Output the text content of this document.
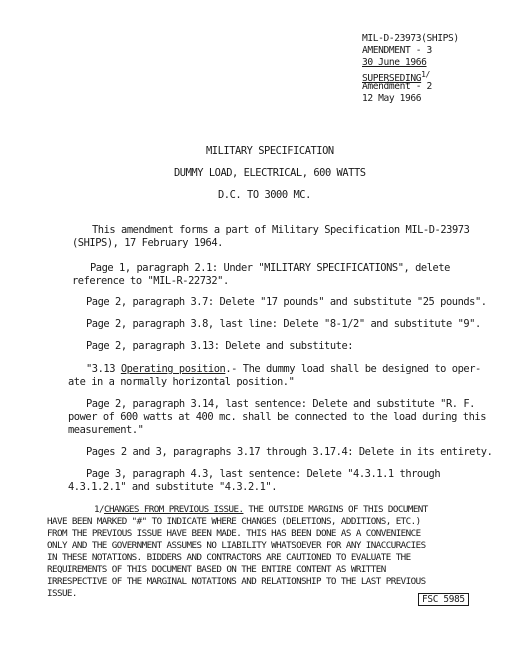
MIL-D-23973(SHIPS)
AMENDMENT - 3
30 June 1966
$SUPERSEDING^{1/}$
Amendment - 2
12 May 1966
MILITARY SPECIFICATION
DUMMY LOAD, ELECTRICAL, 600 WATTS
D.C. TO 3000 MC.
This amendment forms a part of Military Specification MIL-D-23973
(SHIPS), 17 February 1964.
Page 1, paragraph 2.1: Under "MILITARY SPECIFICATIONS", delete
reference to "MIL-R-22732".
Page 2, paragraph 3.7: Delete "17 pounds" and substitute "25 pounds".
Page 2, paragraph 3.8, last line: Delete "8-1/2" and substitute "9".
Page 2, paragraph 3.13: Delete and substitute:
"3.13 Operating position.- The dummy load shall be designed to oper-
ate in a normally horizontal position."
Page 2, paragraph 3.14, last sentence: Delete and substitute "R. F.
power of 600 watts at 400 mc. shall be connected to the load during this
measurement."
Pages 2 and 3, paragraphs 3.17 through 3.17.4: Delete in its entirety.
Page 3, paragraph 4.3, last sentence: Delete "4.3.1.1 through
4.3.1.2.1" and substitute "4.3.2.1".
1/CHANGES FROM PREVIOUS ISSUE. THE OUTSIDE MARGINS OF THIS DOCUMENT
HAVE BEEN MARKED "#" TO INDICATE WHERE CHANGES (DELETIONS, ADDITIONS, ETC.)
FROM THE PREVIOUS ISSUE HAVE BEEN MADE. THIS HAS BEEN DONE AS A CONVENIENCE
ONLY AND THE GOVERNMENT ASSUMES NO LIABILITY WHATSOEVER FOR ANY INACCURACIES
IN THESE NOTATIONS. BIDDERS AND CONTRACTORS ARE CAUTIONED TO EVALUATE THE
REQUIREMENTS OF THIS DOCUMENT BASED ON THE ENTIRE CONTENT AS WRITTEN
IRRESPECTIVE OF THE MARGINAL NOTATIONS AND RELATIONSHIP TO THE LAST PREVIOUS
ISSUE.
FSC 5985
